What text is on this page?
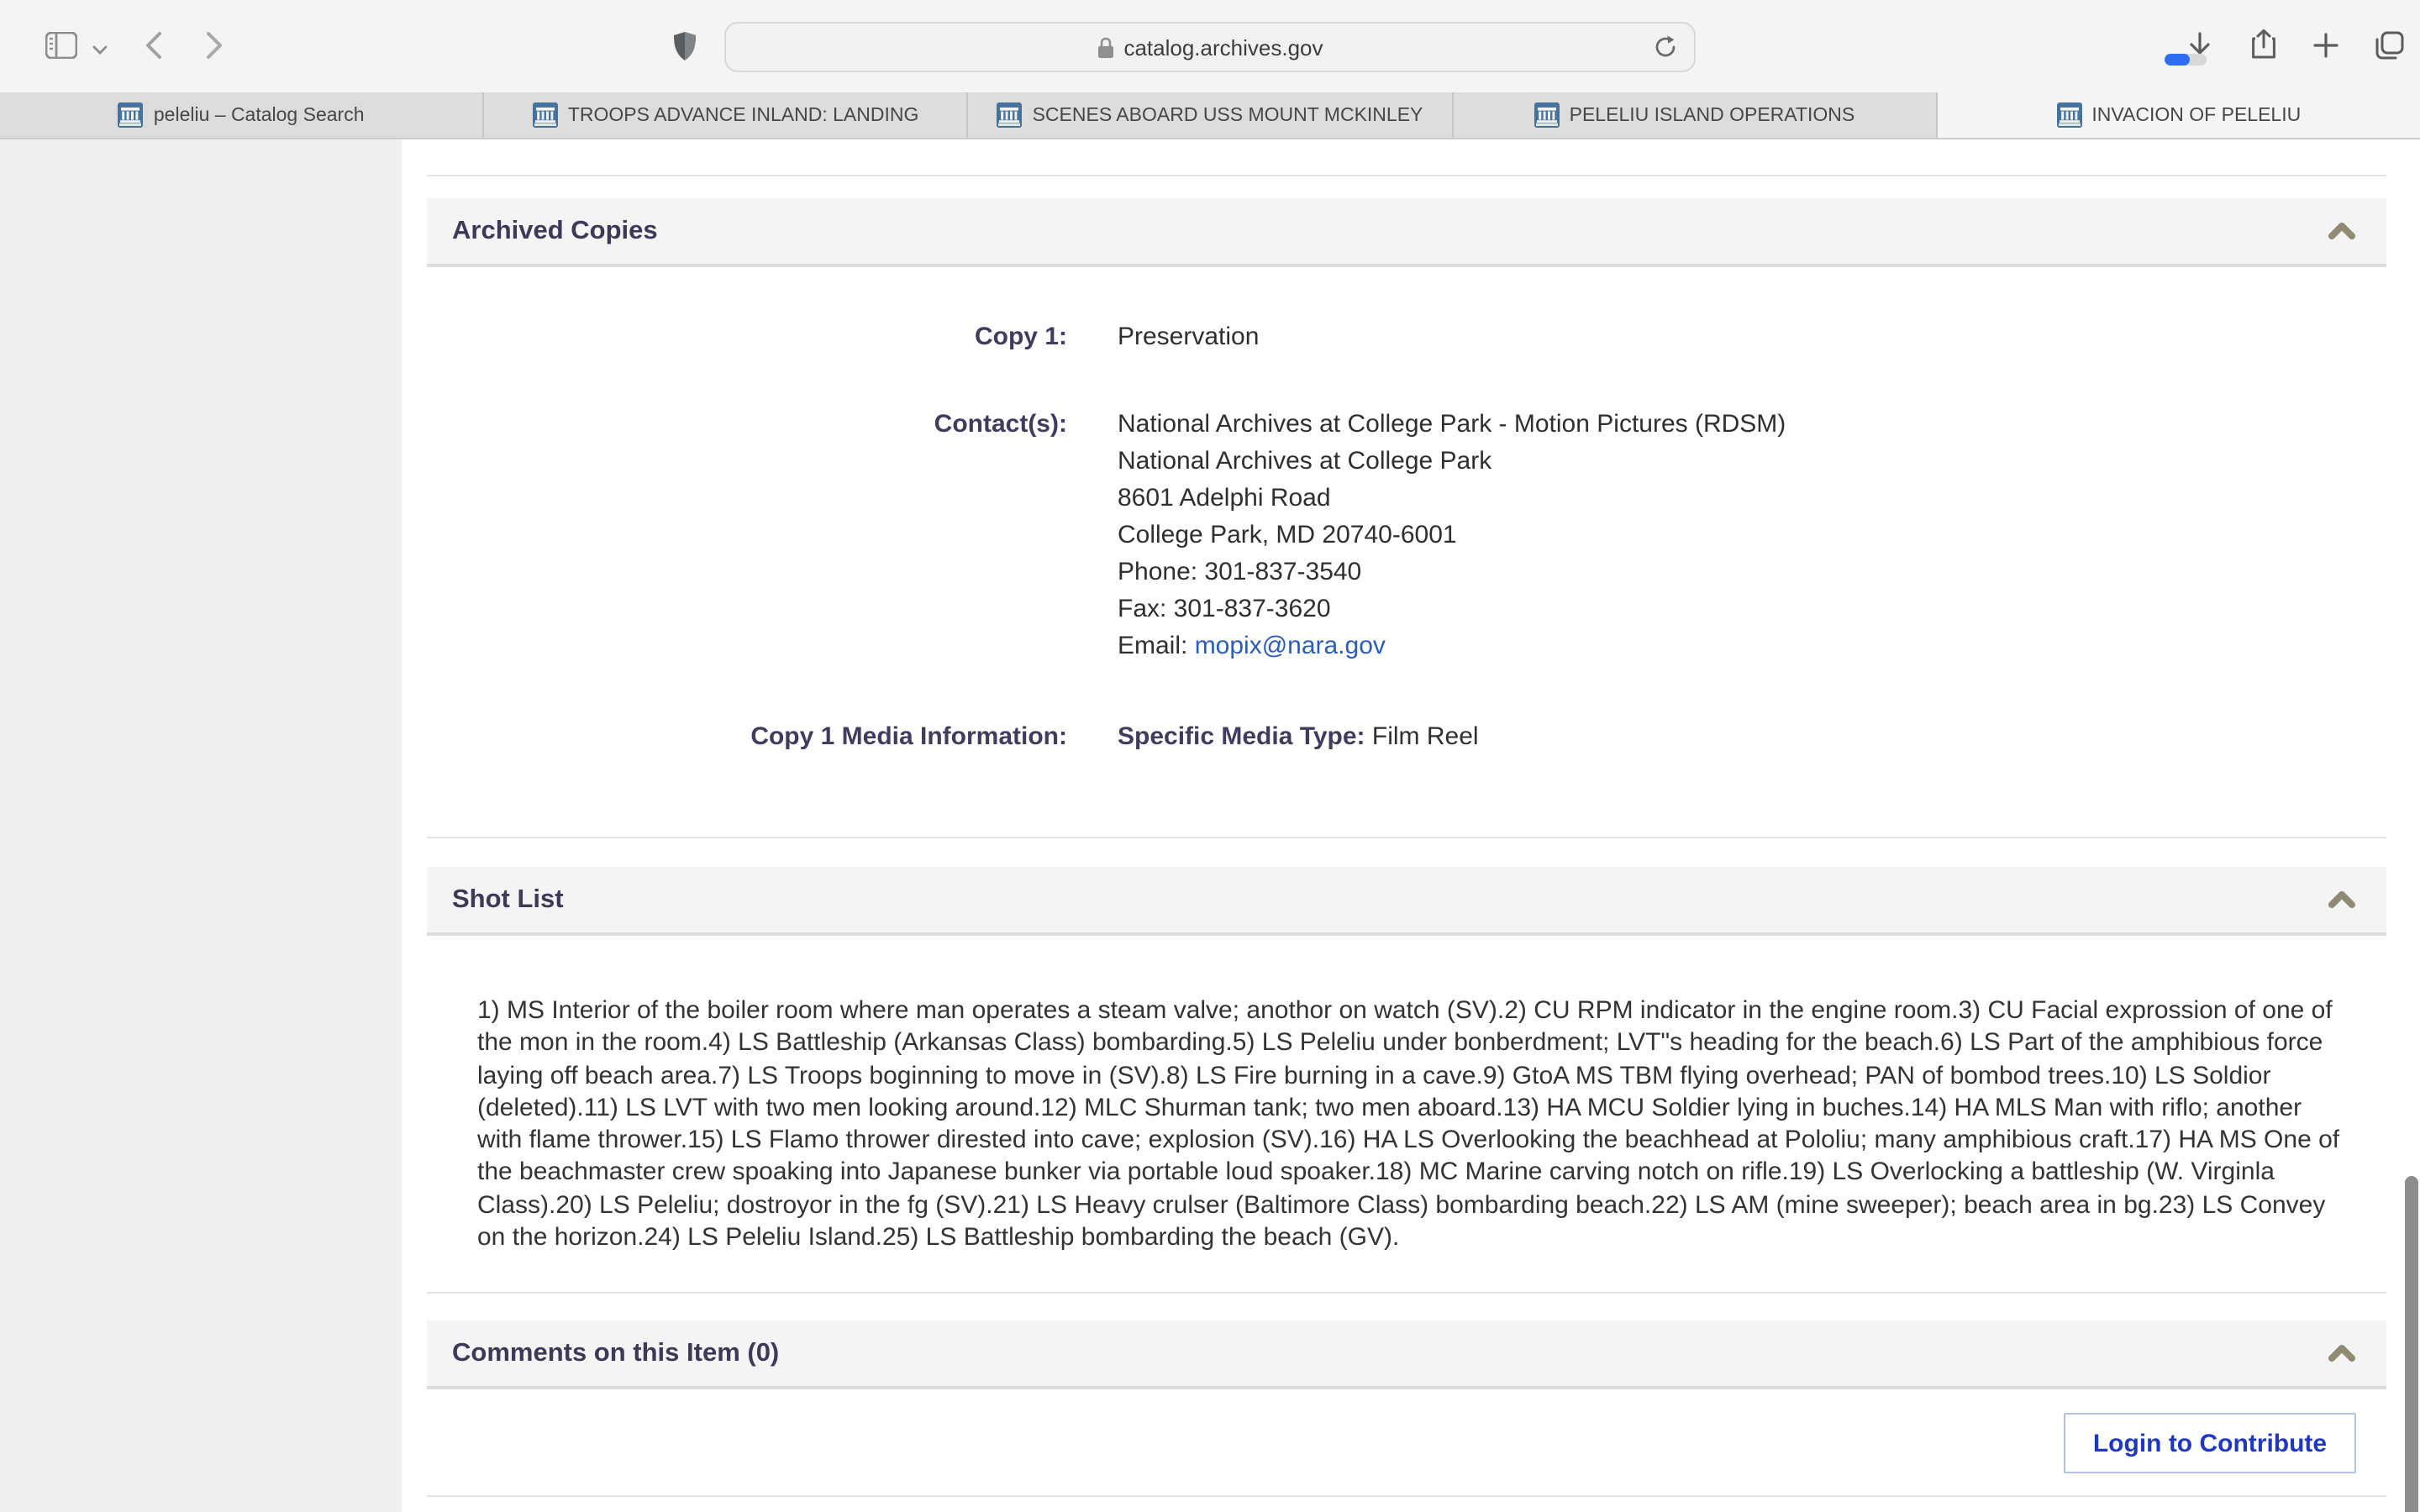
catalog.archives.gov
peleliu – Catalog Search	TROOPS ADVANCE INLAND: LANDING	SCENES ABOARD USS MOUNT MCKINLEY	PELELIU ISLAND OPERATIONS	INVACION OF PELELIU
Archived Copies
Copy 1:	Preservation
Contact(s):	National Archives at College Park - Motion Pictures (RDSM)
National Archives at College Park
8601 Adelphi Road
College Park, MD 20740-6001
Phone: 301-837-3540
Fax: 301-837-3620
Email: mopix@nara.gov
Copy 1 Media Information:	Specific Media Type: Film Reel
Shot List
1) MS Interior of the boiler room where man operates a steam valve; anothor on watch (SV).2) CU RPM indicator in the engine room.3) CU Facial exprossion of one of the mon in the room.4) LS Battleship (Arkansas Class) bombarding.5) LS Peleliu under bonberdment; LVT"s heading for the beach.6) LS Part of the amphibious force laying off beach area.7) LS Troops boginning to move in (SV).8) LS Fire burning in a cave.9) GtoA MS TBM flying overhead; PAN of bombod trees.10) LS Soldior (deleted).11) LS LVT with two men looking around.12) MLC Shurman tank; two men aboard.13) HA MCU Soldier lying in buches.14) HA MLS Man with riflo; another with flame thrower.15) LS Flamo thrower dirested into cave; explosion (SV).16) HA LS Overlooking the beachhead at Pololiu; many amphibious craft.17) HA MS One of the beachmaster crew spoaking into Japanese bunker via portable loud spoaker.18) MC Marine carving notch on rifle.19) LS Overlocking a battleship (W. Virginla Class).20) LS Peleliu; dostroyor in the fg (SV).21) LS Heavy crulser (Baltimore Class) bombarding beach.22) LS AM (mine sweeper); beach area in bg.23) LS Convey on the horizon.24) LS Peleliu Island.25) LS Battleship bombarding the beach (GV).
Comments on this Item (0)
Login to Contribute
